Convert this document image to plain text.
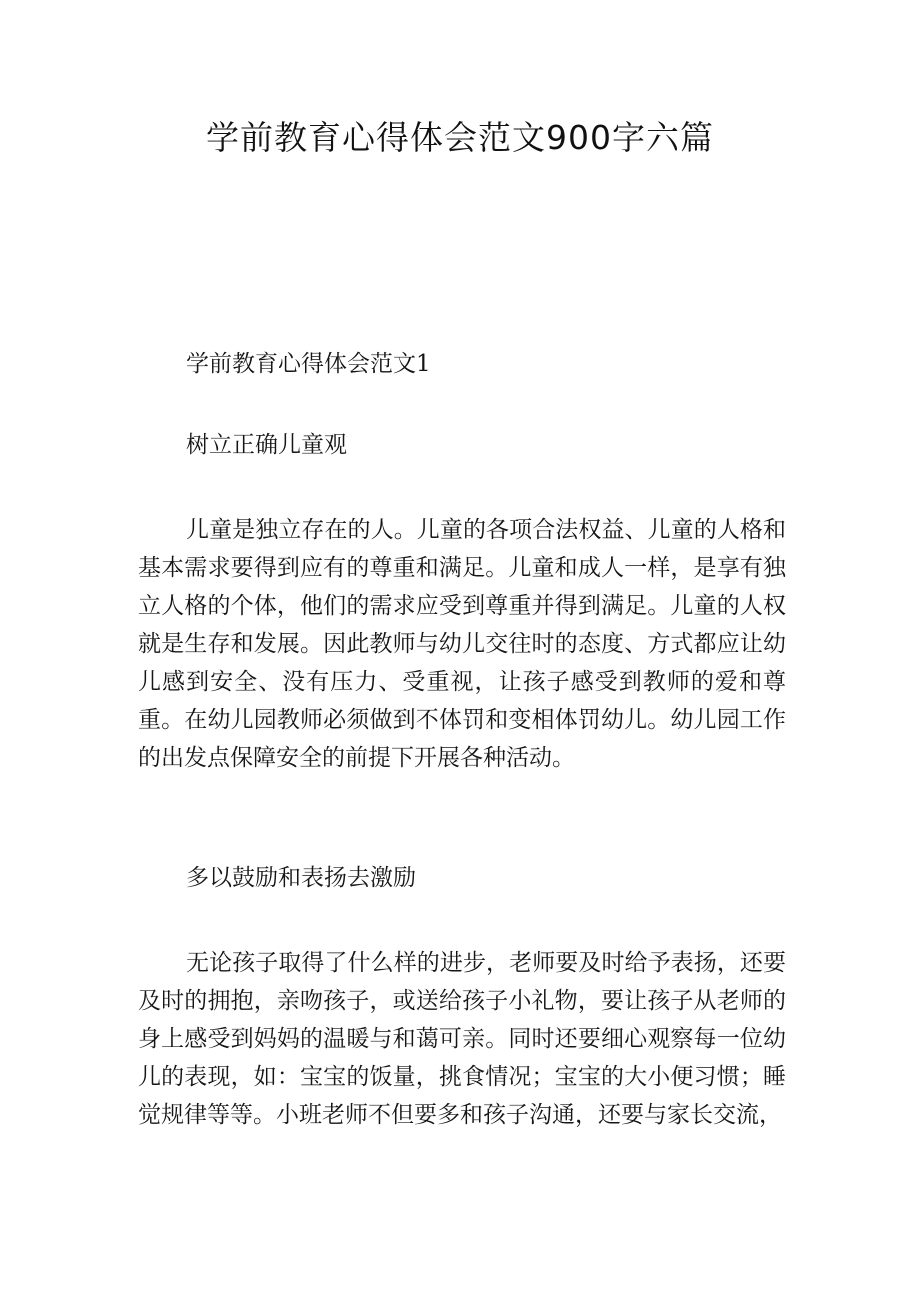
学前教育心得体会范文900字六篇

学前教育心得体会范文1

树立正确儿童观

儿童是独立存在的人。儿童的各项合法权益、儿童的人格和基本需求要得到应有的尊重和满足。儿童和成人一样，是享有独立人格的个体，他们的需求应受到尊重并得到满足。儿童的人权就是生存和发展。因此教师与幼儿交往时的态度、方式都应让幼儿感到安全、没有压力、受重视，让孩子感受到教师的爱和尊重。在幼儿园教师必须做到不体罚和变相体罚幼儿。幼儿园工作的出发点保障安全的前提下开展各种活动。

多以鼓励和表扬去激励

无论孩子取得了什么样的进步，老师要及时给予表扬，还要及时的拥抱，亲吻孩子，或送给孩子小礼物，要让孩子从老师的身上感受到妈妈的温暖与和蔼可亲。同时还要细心观察每一位幼儿的表现，如：宝宝的饭量，挑食情况；宝宝的大小便习惯；睡觉规律等等。小班老师不但要多和孩子沟通，还要与家长交流，
